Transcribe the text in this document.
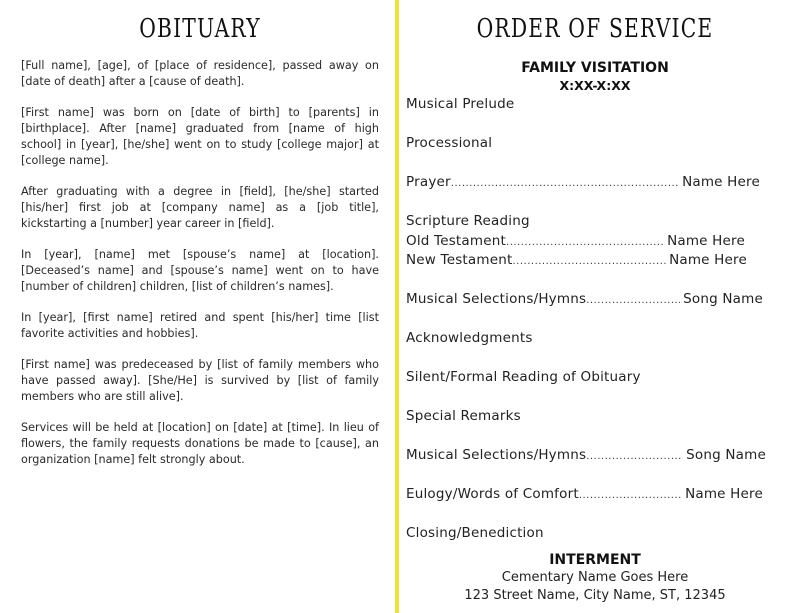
OBITUARY

[Full name], [age], of [place of residence], passed away on [date of death] after a [cause of death].

[First name] was born on [date of birth] to [parents] in [birthplace]. After [name] graduated from [name of high school] in [year], [he/she] went on to study [college major] at [college name].

After graduating with a degree in [field], [he/she] started [his/her] first job at [company name] as a [job title], kickstarting a [number] year career in [field].

In [year], [name] met [spouse’s name] at [location]. [Deceased’s name] and [spouse’s name] went on to have [number of children] children, [list of children’s names].

In [year], [first name] retired and spent [his/her] time [list favorite activities and hobbies].

[First name] was predeceased by [list of family members who have passed away]. [She/He] is survived by [list of family members who are still alive].

Services will be held at [location] on [date] at [time]. In lieu of flowers, the family requests donations be made to [cause], an organization [name] felt strongly about.

ORDER OF SERVICE
FAMILY VISITATION
X:XX-X:XX
Musical Prelude
Processional
Prayer .....	Name Here
Scripture Reading
Old Testament .....	Name Here
New Testament .....	Name Here
Musical Selections/Hymns .....	Song Name
Acknowledgments
Silent/Formal Reading of Obituary
Special Remarks
Musical Selections/Hymns .....	Song Name
Eulogy/Words of Comfort .....	Name Here
Closing/Benediction
INTERMENT
Cementary Name Goes Here
123 Street Name, City Name, ST, 12345
